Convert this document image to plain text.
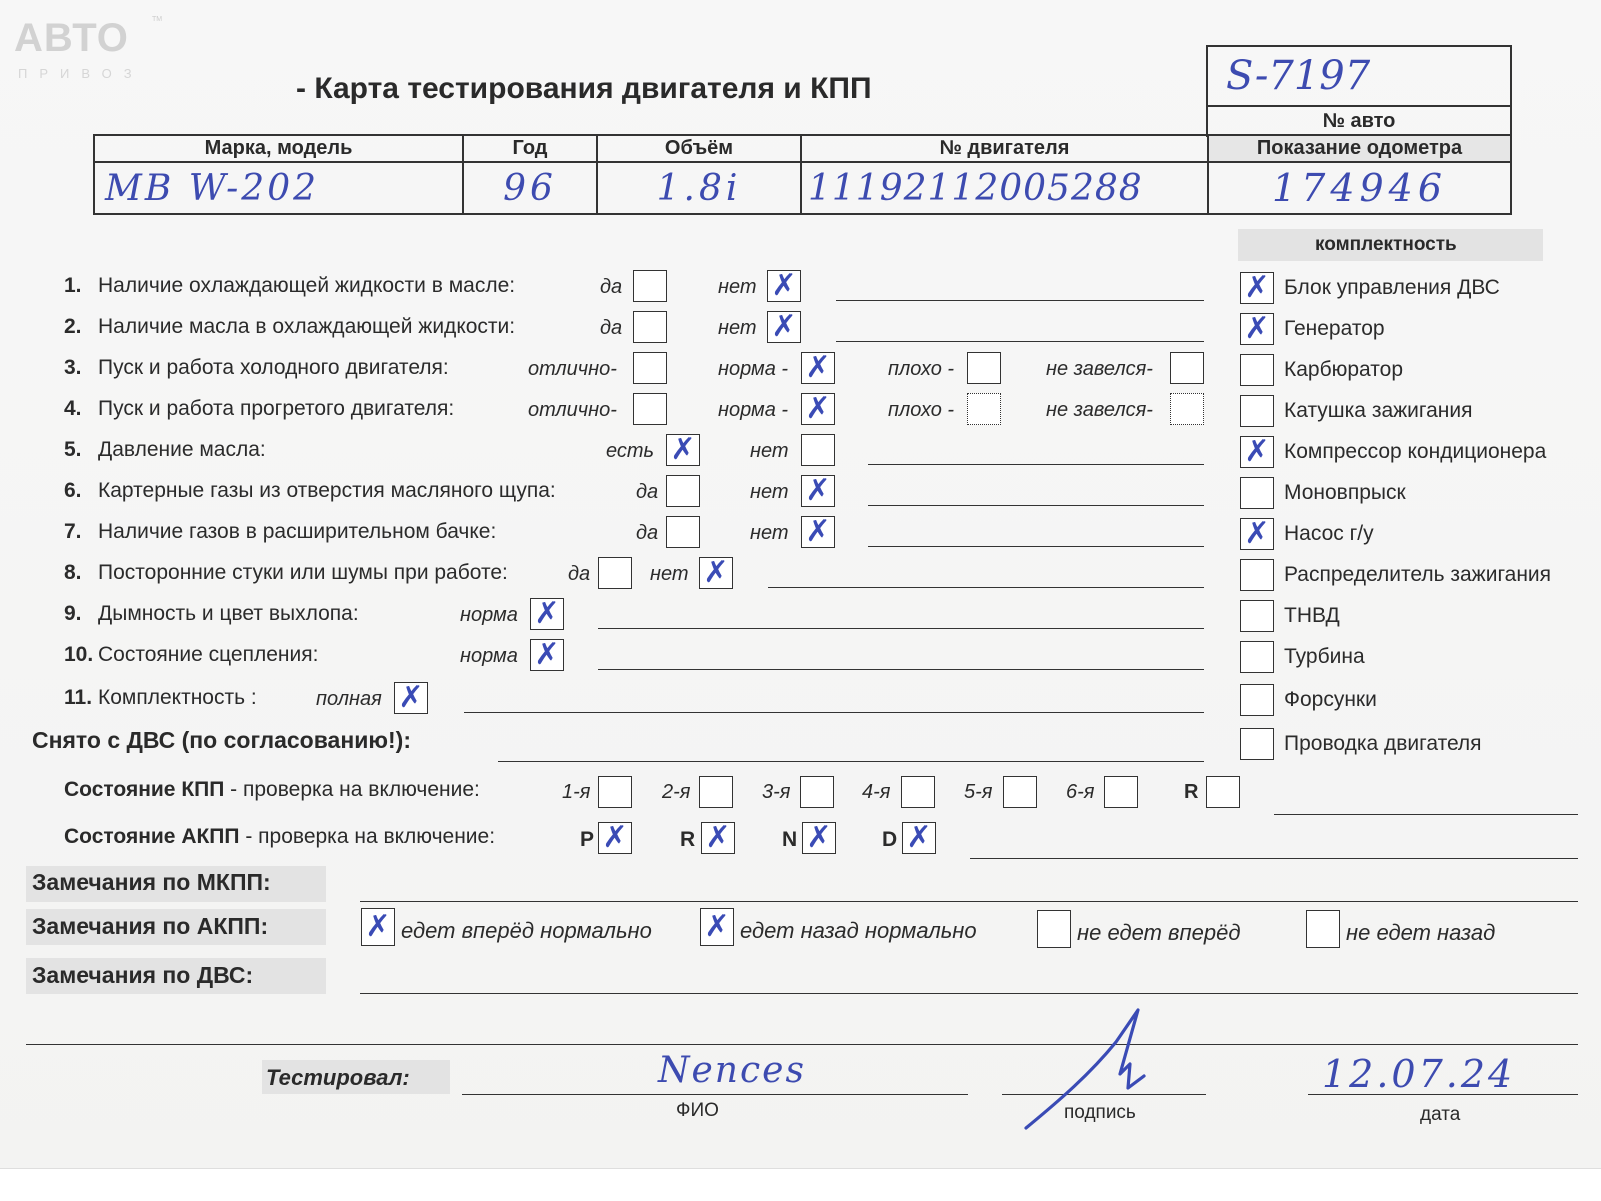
АВТО	TM
ПРИВОЗ	- Карта тестирования двигателя и КПП	S-7197
№ авто
Марка, модель	Год	Объём	№ двигателя	Показание одометра
MB W-202	96	1.8i	11192112005288	174946
комплектность
✗ Блок управления ДВС
✗ Генератор
Карбюратор
Катушка зажигания
✗ Компрессор кондиционера
Моновпрыск
✗ Насос г/у
Распределитель зажигания
ТНВД
Турбина
Форсунки
Проводка двигателя
1. Наличие охлаждающей жидкости в масле:	да	нет ✗
2. Наличие масла в охлаждающей жидкости:	да	нет ✗
3. Пуск и работа холодного двигателя:	отлично-	норма - ✗	плохо -	не завелся-
4. Пуск и работа прогретого двигателя:	отлично-	норма - ✗	плохо -	не завелся-
5. Давление масла:	есть ✗	нет
6. Картерные газы из отверстия масляного щупа:	да	нет ✗
7. Наличие газов в расширительном бачке:	да	нет ✗
8. Посторонние стуки или шумы при работе:	да	нет ✗
9. Дымность и цвет выхлопа:	норма ✗
10. Состояние сцепления:	норма ✗
11. Комплектность :	полная ✗
Снято с ДВС (по согласованию!):
Состояние КПП - проверка на включение:	1-я	2-я	3-я	4-я	5-я	6-я	R
Состояние АКПП - проверка на включение:	P ✗ R ✗ N ✗ D ✗
Замечания по МКПП:
Замечания по АКПП:	✗ едет вперёд нормально ✗ едет назад нормально	не едет вперёд	не едет назад
Замечания по ДВС:
Тестировал:	Nences
ФИО	подпись
12.07.24
дата
